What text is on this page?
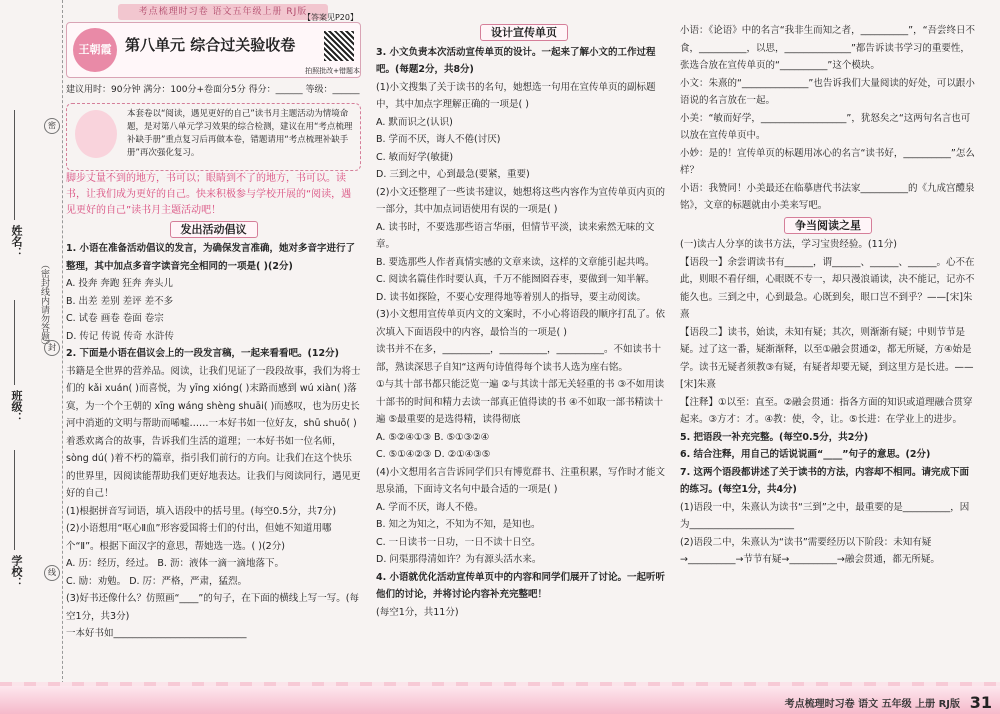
姓名：
班级：
学校：
（密封线内请勿答题）
密
封
线
考点梳理时习卷 语文五年级上册 RJ版
【答案见P20】
王朝霞 第八单元 综合过关验收卷
拍照批改+错题本
建议用时：90分钟 满分：100分+卷面分5分 得分：______ 等级：______
本套卷以“阅读，遇见更好的自己”读书月主题活动为情境命题，是对第八单元学习效果的综合检测，建议在用“考点梳理补缺手册”重点复习后再做本卷，错题请用“考点梳理补缺手册”再次强化复习。

脚步丈量不到的地方，书可以；眼睛到不了的地方，书可以。读书，让我们成为更好的自己。快来积极参与学校开展的“阅读，遇见更好的自己”读书月主题活动吧！

发出活动倡议

1. 小语在准备活动倡议的发言，为确保发言准确，她对多音字进行了整理，其中加点多音字读音完全相同的一项是( )(2分)

A. 投奔 奔跑 狂奔 奔头儿

B. 出差 差别 差评 差不多

C. 试卷 画卷 卷面 卷宗

D. 传记 传说 传奇 水浒传

2. 下面是小语在倡议会上的一段发言稿，一起来看看吧。(12分)

书籍是全世界的营养品。阅读，让我们见证了一段段故事，我们为将士们的 kǎi xuán( )而喜悦，为 yīng xióng( )末路而感到 wú xiàn( )落寞，为一个个王朝的 xīng wáng shèng shuāi( )而感叹，也为历史长河中消逝的文明与帮助而唏嘘……一本好书如一位好友，shū shuō( )着悉欢离合的故事，告诉我们生活的道理；一本好书如一位名师，sòng dú( )着不朽的篇章，指引我们前行的方向。让我们在这个快乐的世界里，因阅读能帮助我们更好地表达。让我们与阅读同行，遇见更好的自己！

(1)根据拼音写词语，填入语段中的括号里。(每空0.5分，共7分)

(2)小语想用“呕心Ⅱ血”形容爱国将士们的付出，但她不知道用哪个“Ⅱ”。根据下面汉字的意思，帮她选一选。( )(2分)

A. 历：经历，经过。 B. 沥：液体一滴一滴地落下。

C. 励：劝勉。 D. 厉：严格，严肃，猛烈。

(3)好书还像什么？仿照画“____”的句子，在下面的横线上写一写。(每空1分，共3分)

一本好书如____________________________

设计宣传单页

3. 小文负责本次活动宣传单页的设计。一起来了解小文的工作过程吧。(每题2分，共8分)

(1)小文搜集了关于读书的名句，她想选一句用在宣传单页的副标题中，其中加点字理解正确的一项是( )

A. 默而识之(认识)

B. 学而不厌，诲人不倦(讨厌)

C. 敏而好学(敏捷)

D. 三到之中，心到最急(要紧，重要)

(2)小文还整理了一些读书建议，她想将这些内容作为宣传单页内页的一部分，其中加点词语使用有误的一项是( )

A. 读书时，不要选那些语言华丽，但情节平淡，读来索然无味的文章。

B. 要选那些人作者真情实感的文章来读，这样的文章能引起共鸣。

C. 阅读名篇佳作时要认真，千万不能囫囵吞枣，要做到一知半解。

D. 读书如探险，不要心安理得地等着别人的指导，要主动阅读。

(3)小文想用宣传单页内文的文案时，不小心将语段的顺序打乱了。依次填入下面语段中的内容，最恰当的一项是( )

读书并不在多，__________，__________，__________。不如读书十部，熟读深思子自知“这两句诗值得每个读书人选为座右铭。

①与其十部书都只能泛览一遍 ②与其读十部无关轻重的书 ③不如用读十部书的时间和精力去读一部真正值得读的书 ④不如取一部书精读十遍 ⑤最重要的是选得精，读得彻底

A. ⑤②④①③ B. ⑤①③②④

C. ⑤①④②③ D. ②①④③⑤

(4)小文想用名言告诉同学们只有博览群书、注重积累，写作时才能文思泉涌，下面诗文名句中最合适的一项是( )

A. 学而不厌，诲人不倦。

B. 知之为知之，不知为不知，是知也。

C. 一日读书一日功，一日不读十日空。

D. 问渠那得清如许？为有源头活水来。

4. 小语就优化活动宣传单页中的内容和同学们展开了讨论。一起听听他们的讨论，并将讨论内容补充完整吧！

(每空1分，共11分)

小语：《论语》中的名言“我非生而知之者，__________”，“吾尝终日不食，__________，以思，______________”都告诉读书学习的重要性，张选合放在宣传单页的“__________”这个模块。

小文：朱熹的“______________”也告诉我们大量阅读的好处，可以跟小语说的名言放在一起。

小美：“敏而好学，__________________”，犹怒矣之“这两句名言也可以放在宣传单页中。

小妙：是的！宣传单页的标题用冰心的名言“读书好，__________”怎么样？

小语：我赞同！小美最还在临摹唐代书法家__________的《九成宫醴泉铭》，文章的标题就由小美来写吧。

争当阅读之星

(一)读古人分享的读书方法，学习宝贵经验。(11分)

【语段一】余尝谓读书有______，谓______、______、______。心不在此，则眼不看仔细，心眼既不专一，却只漫浪诵读，决不能记，记亦不能久也。三到之中，心到最急。心既到矣，眼口岂不到乎？——[宋]朱熹

【语段二】读书，始读，未知有疑；其次，则渐渐有疑；中则节节是疑。过了这一番，疑渐渐释，以至①融会贯通②，都无所疑，方④始是学。读书无疑者须教③有疑，有疑者却要无疑，到这里方是长进。——[宋]朱熹

【注释】①以至：直至。②融会贯通：指各方面的知识或道理融合贯穿起来。③方才：才。④教：使，令，让。⑤长进：在学业上的进步。

5. 把语段一补充完整。(每空0.5分，共2分)

6. 结合注释，用自己的话说说画“____”句子的意思。(2分)

7. 这两个语段都讲述了关于读书的方法，内容却不相同。请完成下面的练习。(每空1分，共4分)

(1)语段一中，朱熹认为读书“三到”之中，最重要的是__________，因为______________________

(2)语段二中，朱熹认为“读书”需要经历以下阶段：未知有疑→__________→节节有疑→__________→融会贯通，都无所疑。

考点梳理时习卷 语文 五年级 上册 RJ版 31
